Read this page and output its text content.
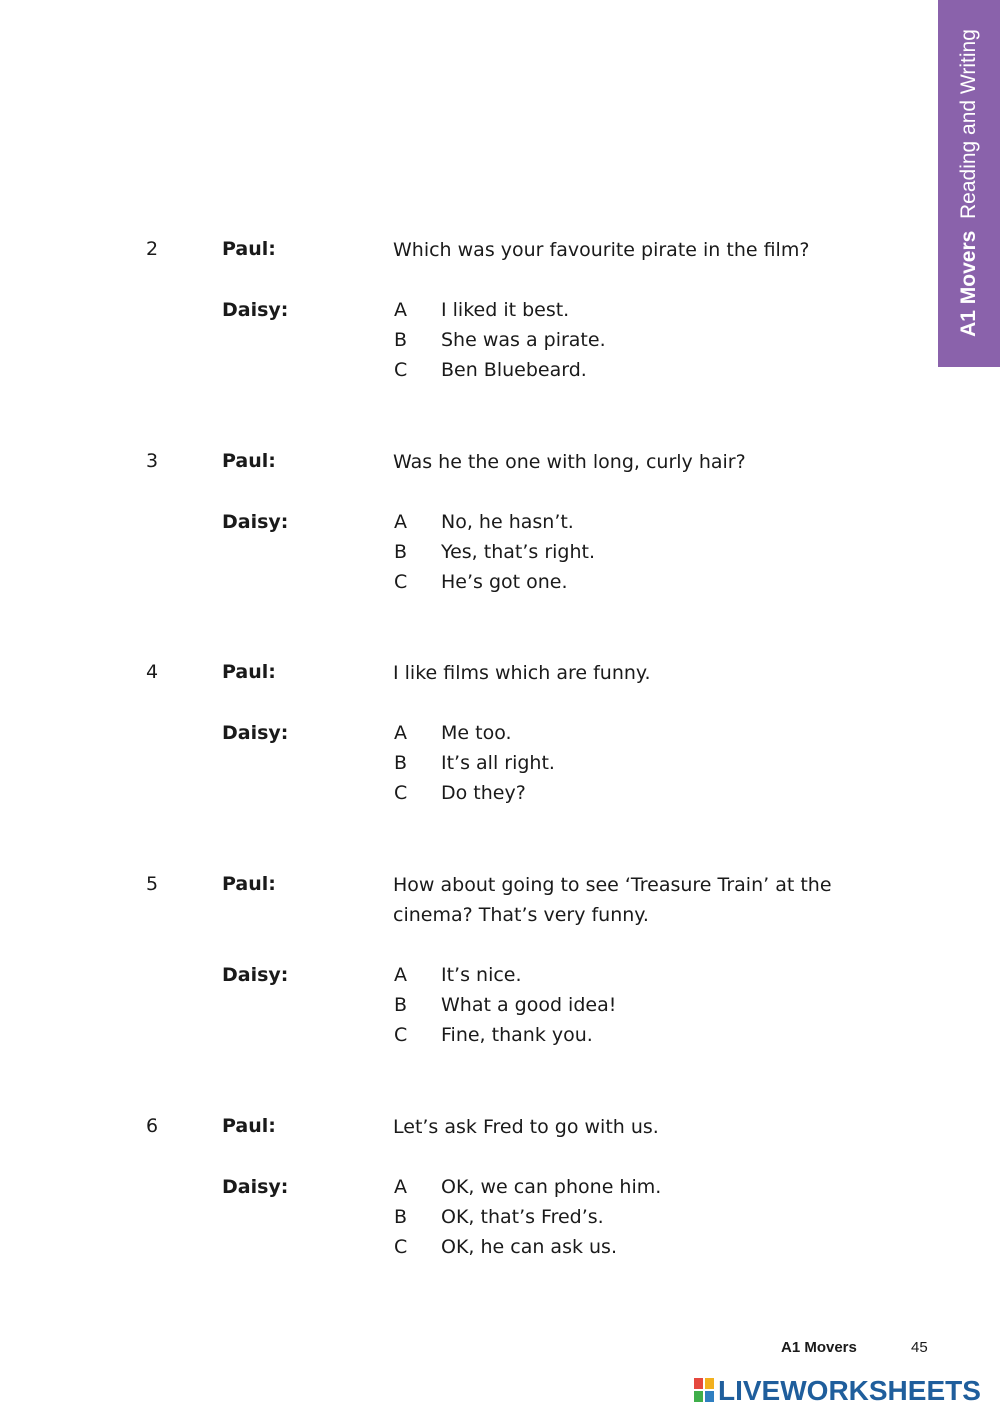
A1 Movers  Reading and Writing
2	Paul:	Which was your favourite pirate in the film?
Daisy:	A I liked it best.
B She was a pirate.
C Ben Bluebeard.
3	Paul:	Was he the one with long, curly hair?
Daisy:	A No, he hasn’t.
B Yes, that’s right.
C He’s got one.
4	Paul:	I like films which are funny.
Daisy:	A Me too.
B It’s all right.
C Do they?
5	Paul:	How about going to see ‘Treasure Train’ at the
cinema? That’s very funny.
Daisy:	A It’s nice.
B What a good idea!
C Fine, thank you.
6	Paul:	Let’s ask Fred to go with us.
Daisy:	A OK, we can phone him.
B OK, that’s Fred’s.
C OK, he can ask us.
A1 Movers	45
LIVEWORKSHEETS
